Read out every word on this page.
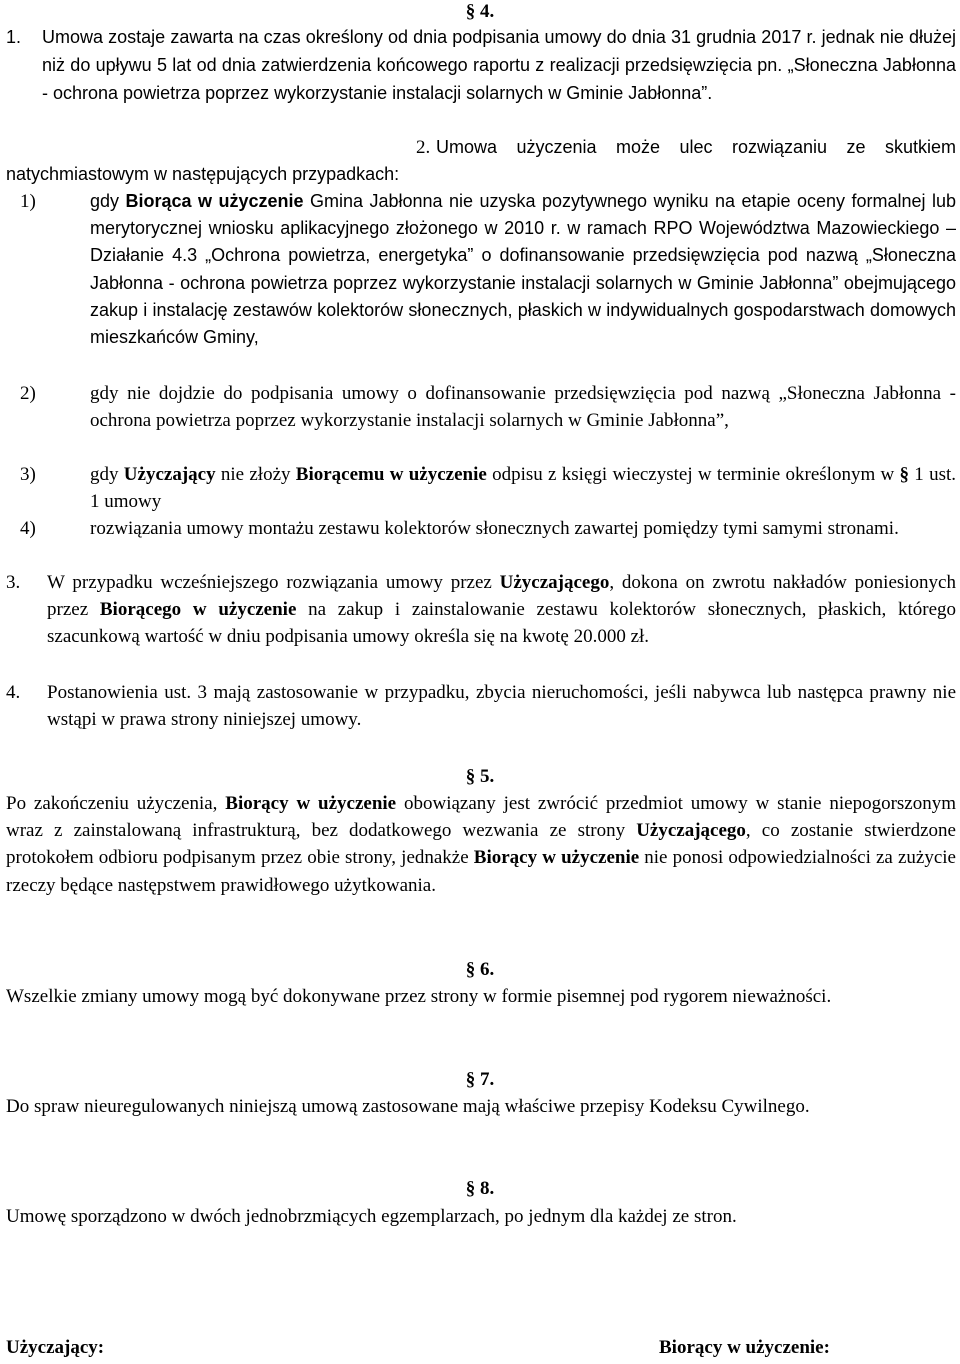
§ 4.
1. Umowa zostaje zawarta na czas określony od dnia podpisania umowy do dnia 31 grudnia 2017 r. jednak nie dłużej niż do upływu 5 lat od dnia zatwierdzenia końcowego raportu z realizacji przedsięwzięcia pn. „Słoneczna Jabłonna - ochrona powietrza poprzez wykorzystanie instalacji solarnych w Gminie Jabłonna”.
2. Umowa użyczenia może ulec rozwiązaniu ze skutkiem natychmiastowym w następujących przypadkach:
1)	gdy Biorąca w użyczenie Gmina Jabłonna nie uzyska pozytywnego wyniku na etapie oceny formalnej lub merytorycznej wniosku aplikacyjnego złożonego w 2010 r. w ramach RPO Województwa Mazowieckiego – Działanie 4.3 „Ochrona powietrza, energetyka” o dofinansowanie przedsięwzięcia pod nazwą „Słoneczna Jabłonna - ochrona powietrza poprzez wykorzystanie instalacji solarnych w Gminie Jabłonna” obejmującego zakup i instalację zestawów kolektorów słonecznych, płaskich w indywidualnych gospodarstwach domowych mieszkańców Gminy,
2)	gdy nie dojdzie do podpisania umowy o dofinansowanie przedsięwzięcia pod nazwą „Słoneczna Jabłonna - ochrona powietrza poprzez wykorzystanie instalacji solarnych w Gminie Jabłonna”,
3)	gdy Użyczający nie złoży Biorącemu w użyczenie odpisu z księgi wieczystej w terminie określonym w § 1 ust. 1 umowy
4)	rozwiązania umowy montażu zestawu kolektorów słonecznych zawartej pomiędzy tymi samymi stronami.
3. W przypadku wcześniejszego rozwiązania umowy przez Użyczającego, dokona on zwrotu nakładów poniesionych przez Biorącego w użyczenie na zakup i zainstalowanie zestawu kolektorów słonecznych, płaskich, którego szacunkową wartość w dniu podpisania umowy określa się na kwotę 20.000 zł.
4. Postanowienia ust. 3 mają zastosowanie w przypadku, zbycia nieruchomości, jeśli nabywca lub następca prawny nie wstąpi w prawa strony niniejszej umowy.
§ 5.
Po zakończeniu użyczenia, Biorący w użyczenie obowiązany jest zwrócić przedmiot umowy w stanie niepogorszonym wraz z zainstalowaną infrastrukturą, bez dodatkowego wezwania ze strony Użyczającego, co zostanie stwierdzone protokołem odbioru podpisanym przez obie strony, jednakże Biorący w użyczenie nie ponosi odpowiedzialności za zużycie rzeczy będące następstwem prawidłowego użytkowania.
§ 6.
Wszelkie zmiany umowy mogą być dokonywane przez strony w formie pisemnej pod rygorem nieważności.
§ 7.
Do spraw nieuregulowanych niniejszą umową zastosowane mają właściwe przepisy Kodeksu Cywilnego.
§ 8.
Umowę sporządzono w dwóch jednobrzmiących egzemplarzach, po jednym dla każdej ze stron.
Użyczający:	Biorący w użyczenie:
